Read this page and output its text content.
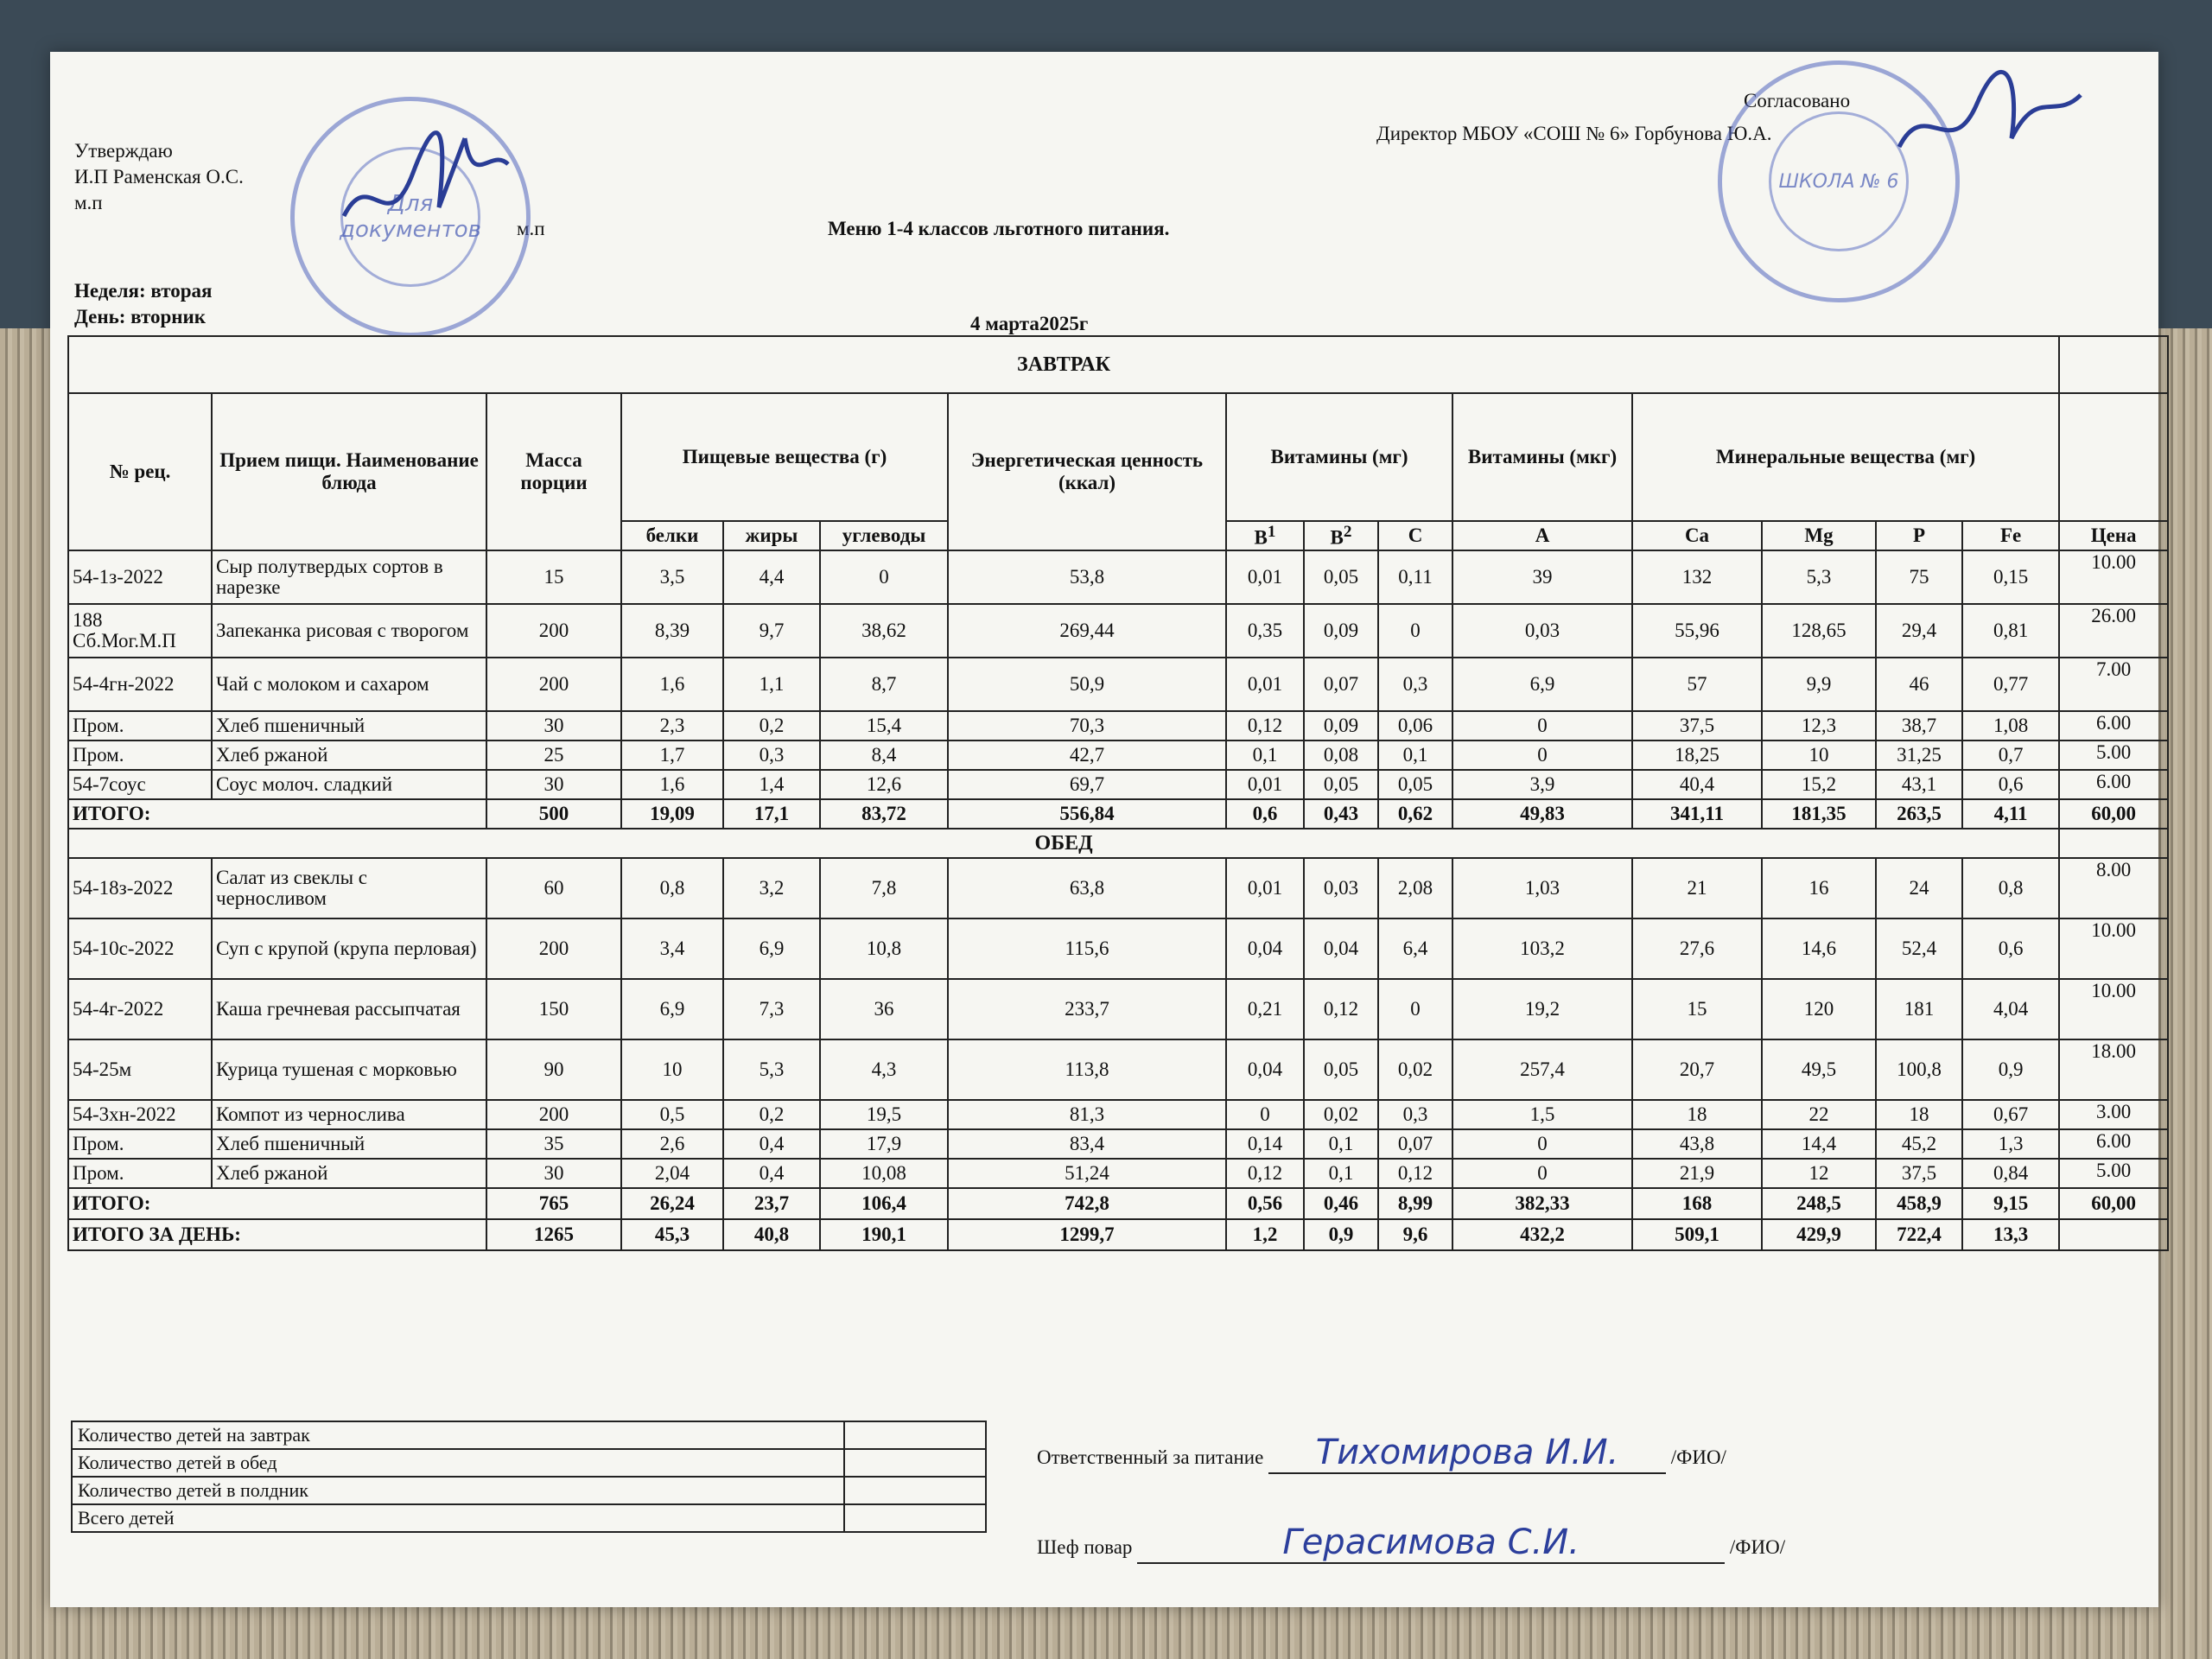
Утверждаю
И.П Раменская О.С.
м.п
м.п
Для документов
Согласовано
Директор МБОУ «СОШ № 6» Горбунова Ю.А.
ШКОЛА № 6
Меню 1-4 классов льготного питания.
Неделя: вторая
День: вторник	4 марта2025г
ЗАВТРАК															
№ рец.	Прием пищи. Наименование блюда	Масса порции	Пищевые вещества (г)			Энергетическая ценность (ккал)	Витамины (мг)			Витамины (мкг)	Минеральные вещества (мг)				
			белки	жиры	углеводы		$B^1$	$B^2$	C	A	Ca	Mg	P	Fe	Цена
54-1з-2022	Сыр полутвердых сортов в нарезке	15	3,5	4,4	0	53,8	0,01	0,05	0,11	39	132	5,3	75	0,15	10.00
188 Сб.Мог.М.П	Запеканка рисовая с творогом	200	8,39	9,7	38,62	269,44	0,35	0,09	0	0,03	55,96	128,65	29,4	0,81	26.00
54-4гн-2022	Чай с молоком и сахаром	200	1,6	1,1	8,7	50,9	0,01	0,07	0,3	6,9	57	9,9	46	0,77	7.00
Пром.	Хлеб пшеничный	30	2,3	0,2	15,4	70,3	0,12	0,09	0,06	0	37,5	12,3	38,7	1,08	6.00
Пром.	Хлеб ржаной	25	1,7	0,3	8,4	42,7	0,1	0,08	0,1	0	18,25	10	31,25	0,7	5.00
54-7соус	Соус молоч. сладкий	30	1,6	1,4	12,6	69,7	0,01	0,05	0,05	3,9	40,4	15,2	43,1	0,6	6.00
ИТОГО:		500	19,09	17,1	83,72	556,84	0,6	0,43	0,62	49,83	341,11	181,35	263,5	4,11	60,00
ОБЕД															
54-18з-2022	Салат из свеклы с черносливом	60	0,8	3,2	7,8	63,8	0,01	0,03	2,08	1,03	21	16	24	0,8	8.00
54-10с-2022	Суп с крупой (крупа перловая)	200	3,4	6,9	10,8	115,6	0,04	0,04	6,4	103,2	27,6	14,6	52,4	0,6	10.00
54-4г-2022	Каша гречневая рассыпчатая	150	6,9	7,3	36	233,7	0,21	0,12	0	19,2	15	120	181	4,04	10.00
54-25м	Курица тушеная с морковью	90	10	5,3	4,3	113,8	0,04	0,05	0,02	257,4	20,7	49,5	100,8	0,9	18.00
54-3хн-2022	Компот из чернослива	200	0,5	0,2	19,5	81,3	0	0,02	0,3	1,5	18	22	18	0,67	3.00
Пром.	Хлеб пшеничный	35	2,6	0,4	17,9	83,4	0,14	0,1	0,07	0	43,8	14,4	45,2	1,3	6.00
Пром.	Хлеб ржаной	30	2,04	0,4	10,08	51,24	0,12	0,1	0,12	0	21,9	12	37,5	0,84	5.00
ИТОГО:		765	26,24	23,7	106,4	742,8	0,56	0,46	8,99	382,33	168	248,5	458,9	9,15	60,00
ИТОГО ЗА ДЕНЬ:		1265	45,3	40,8	190,1	1299,7	1,2	0,9	9,6	432,2	509,1	429,9	722,4	13,3	
Количество детей на завтрак	
Количество детей в обед	
Количество детей в полдник	
Всего детей	
Ответственный за питание Тихомирова И.И.	/ФИО/
Шеф повар	Герасимова С.И.	/ФИО/
